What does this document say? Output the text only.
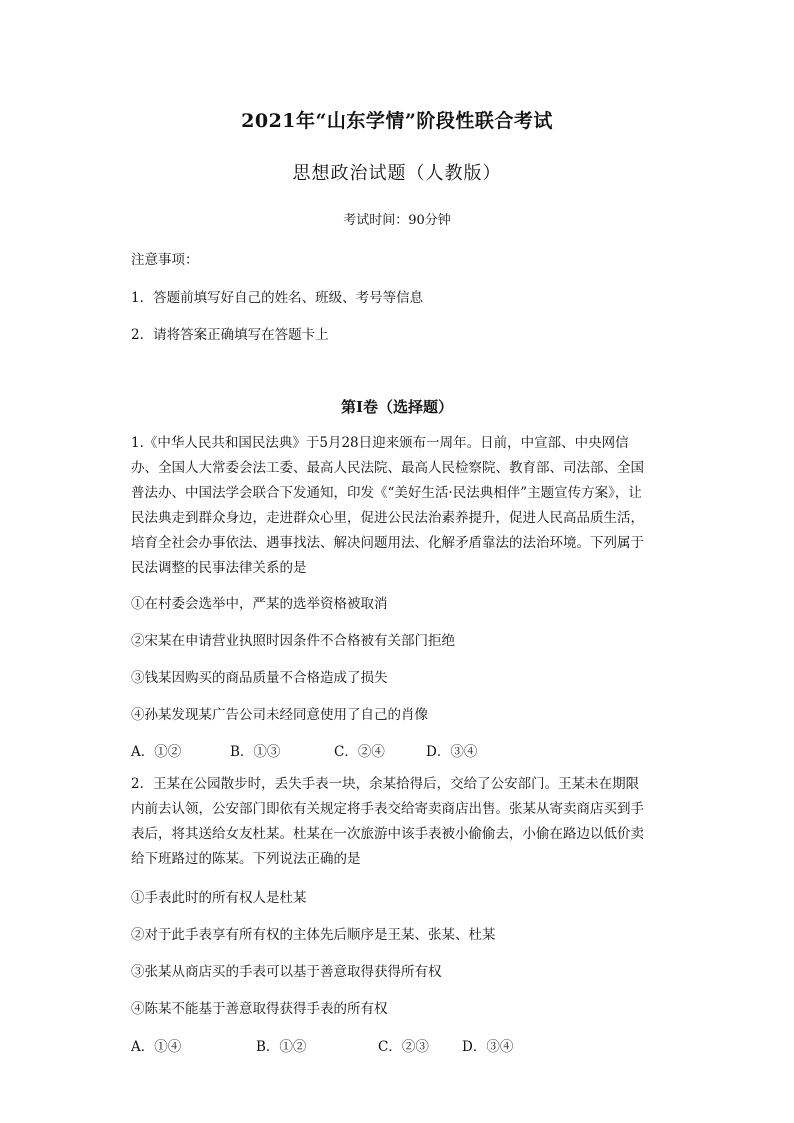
2021年“山东学情”阶段性联合考试
思想政治试题（人教版）
考试时间：90分钟
注意事项：
1．答题前填写好自己的姓名、班级、考号等信息
2．请将答案正确填写在答题卡上
第I卷（选择题）
1.《中华人民共和国民法典》于5月28日迎来颁布一周年。日前，中宣部、中央网信
办、全国人大常委会法工委、最高人民法院、最高人民检察院、教育部、司法部、全国
普法办、中国法学会联合下发通知，印发《“美好生活·民法典相伴”主题宣传方案》，让
民法典走到群众身边，走进群众心里，促进公民法治素养提升，促进人民高品质生活，
培育全社会办事依法、遇事找法、解决问题用法、化解矛盾靠法的法治环境。下列属于
民法调整的民事法律关系的是
①在村委会选举中，严某的选举资格被取消
②宋某在申请营业执照时因条件不合格被有关部门拒绝
③钱某因购买的商品质量不合格造成了损失
④孙某发现某广告公司未经同意使用了自己的肖像
A．①②	B．①③	C．②④	D．③④
2．王某在公园散步时，丢失手表一块，余某拾得后，交给了公安部门。王某未在期限
内前去认领，公安部门即依有关规定将手表交给寄卖商店出售。张某从寄卖商店买到手
表后，将其送给女友杜某。杜某在一次旅游中该手表被小偷偷去，小偷在路边以低价卖
给下班路过的陈某。下列说法正确的是
①手表此时的所有权人是杜某
②对于此手表享有所有权的主体先后顺序是王某、张某、杜某
③张某从商店买的手表可以基于善意取得获得所有权
④陈某不能基于善意取得获得手表的所有权
A．①④	B．①②	C．②③ D．③④
